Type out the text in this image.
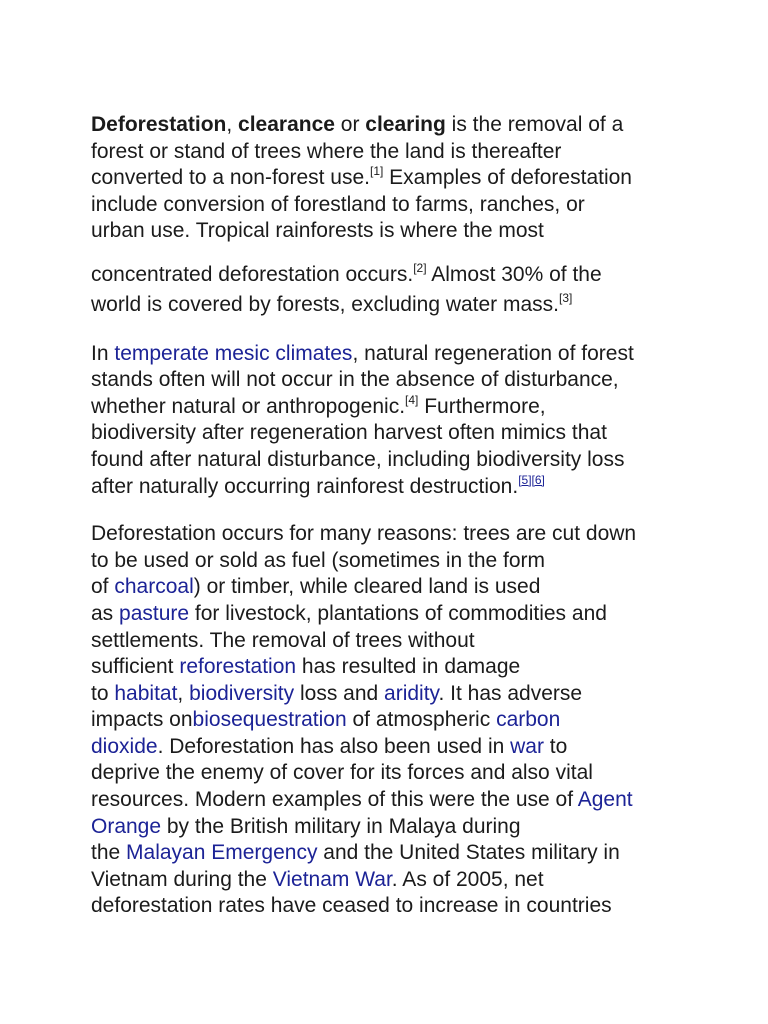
Deforestation, clearance or clearing is the removal of a
forest or stand of trees where the land is thereafter
converted to a non-forest use.[1] Examples of deforestation
include conversion of forestland to farms, ranches, or
urban use. Tropical rainforests is where the most
concentrated deforestation occurs.[2] Almost 30% of the
world is covered by forests, excluding water mass.[3]
In temperate mesic climates, natural regeneration of forest
stands often will not occur in the absence of disturbance,
whether natural or anthropogenic.[4] Furthermore,
biodiversity after regeneration harvest often mimics that
found after natural disturbance, including biodiversity loss
after naturally occurring rainforest destruction.[5][6]
Deforestation occurs for many reasons: trees are cut down
to be used or sold as fuel (sometimes in the form
of charcoal) or timber, while cleared land is used
as pasture for livestock, plantations of commodities and
settlements. The removal of trees without
sufficient reforestation has resulted in damage
to habitat, biodiversity loss and aridity. It has adverse
impacts onbiosequestration of atmospheric carbon
dioxide. Deforestation has also been used in war to
deprive the enemy of cover for its forces and also vital
resources. Modern examples of this were the use of Agent
Orange by the British military in Malaya during
the Malayan Emergency and the United States military in
Vietnam during the Vietnam War. As of 2005, net
deforestation rates have ceased to increase in countries
